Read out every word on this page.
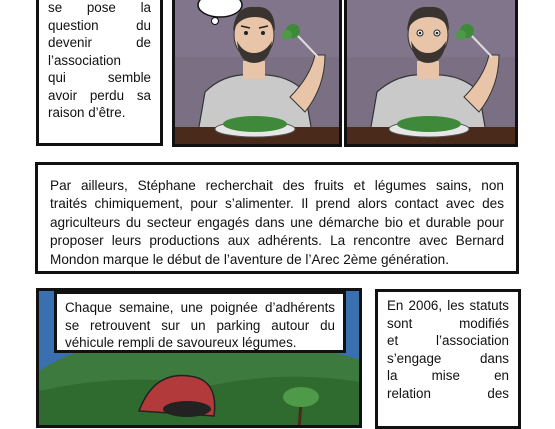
se pose la
question du
devenir de
l’association
qui semble
avoir perdu sa
raison d’être.
Par ailleurs, Stéphane recherchait des fruits et légumes sains, non
traités chimiquement, pour s’alimenter. Il prend alors contact avec des
agriculteurs du secteur engagés dans une démarche bio et durable pour
proposer leurs productions aux adhérents. La rencontre avec Bernard
Mondon marque le début de l’aventure de l’Arec 2ème génération.
Chaque semaine, une poignée d’adhérents
se retrouvent sur un parking autour du
véhicule rempli de savoureux légumes.
En 2006, les statuts
sont modifiés
et l’association
s’engage dans
la mise en
relation des
